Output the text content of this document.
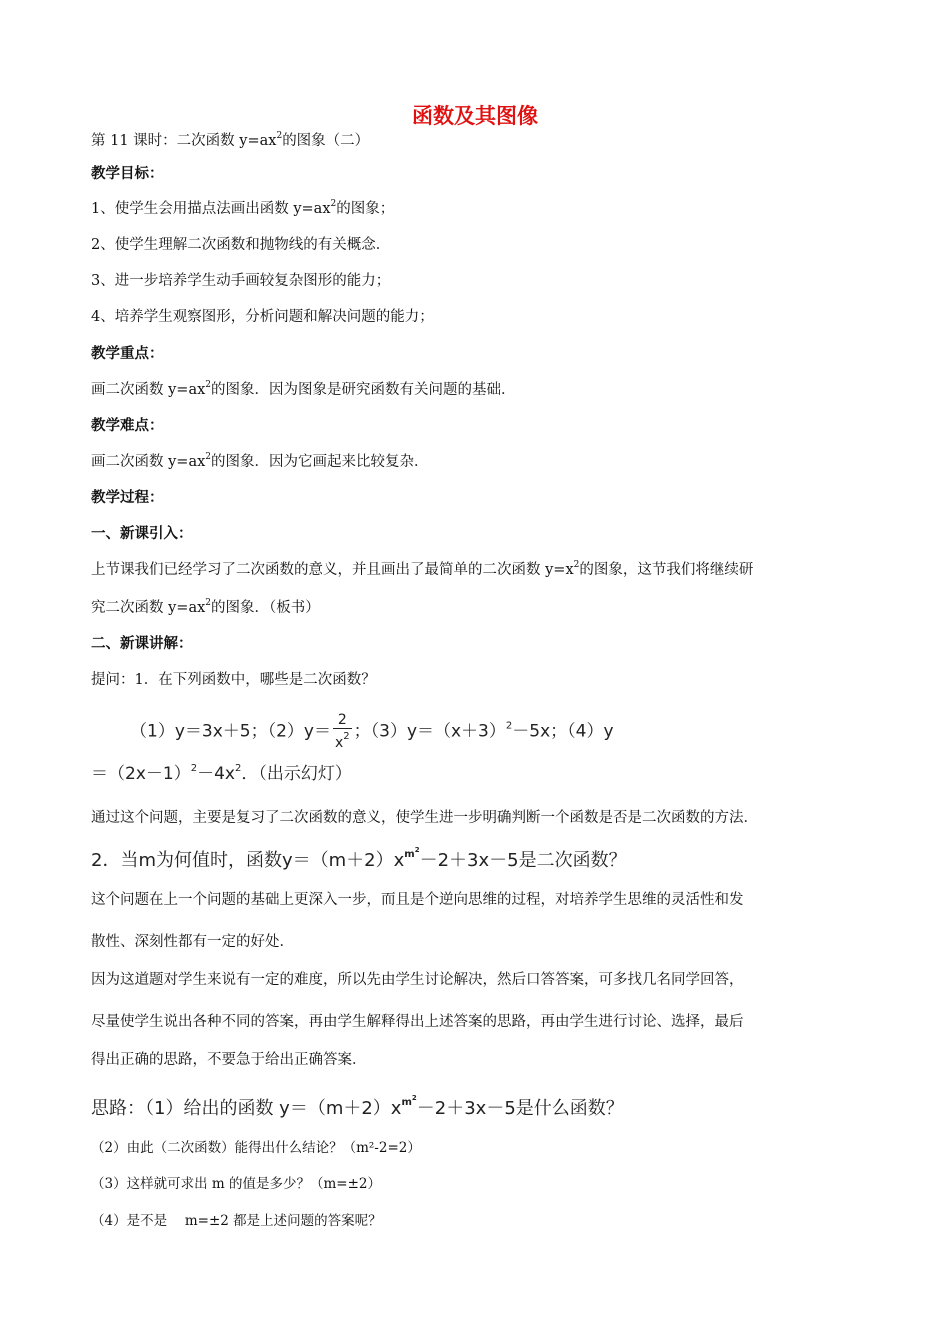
函数及其图像
第 11 课时：二次函数 $y=ax^2$的图象（二）
教学目标：
1、使学生会用描点法画出函数 $y=ax^2$的图象；
2、使学生理解二次函数和抛物线的有关概念．
3、进一步培养学生动手画较复杂图形的能力；
4、培养学生观察图形，分析问题和解决问题的能力；
教学重点：
画二次函数 $y=ax^2$的图象．因为图象是研究函数有关问题的基础．
教学难点：
画二次函数 $y=ax^2$的图象．因为它画起来比较复杂．
教学过程：
一、新课引入：
上节课我们已经学习了二次函数的意义，并且画出了最简单的二次函数 $y=x^2$的图象，这节我们将继续研
究二次函数 $y=ax^2$的图象．（板书）
二、新课讲解：
提问：1．在下列函数中，哪些是二次函数？
（1）y＝3x＋5；$(2)y= \frac{2}{x^2}$ ；$(3)y=(x+3)^2-5x$；（4）y
$=(2x-1)^2-4x^2$．（出示幻灯）
通过这个问题，主要是复习了二次函数的意义，使学生进一步明确判断一个函数是否是二次函数的方法．
2．当m为何值时，函数$y=(m+2)x^{m^2}-2+3x-5$是二次函数？
这个问题在上一个问题的基础上更深入一步，而且是个逆向思维的过程，对培养学生思维的灵活性和发
散性、深刻性都有一定的好处．
因为这道题对学生来说有一定的难度，所以先由学生讨论解决，然后口答答案，可多找几名同学回答，
尽量使学生说出各种不同的答案，再由学生解释得出上述答案的思路，再由学生进行讨论、选择，最后
得出正确的思路，不要急于给出正确答案．
思路：（1）给出的函数 $y=(m+2)x^{m^2}-2+3x-5$是什么函数？
（2）由此（二次函数）能得出什么结论？（m²-2=2）
（3）这样就可求出 m 的值是多少？（m=±2）
（4）是不是　 m=±2 都是上述问题的答案呢？
